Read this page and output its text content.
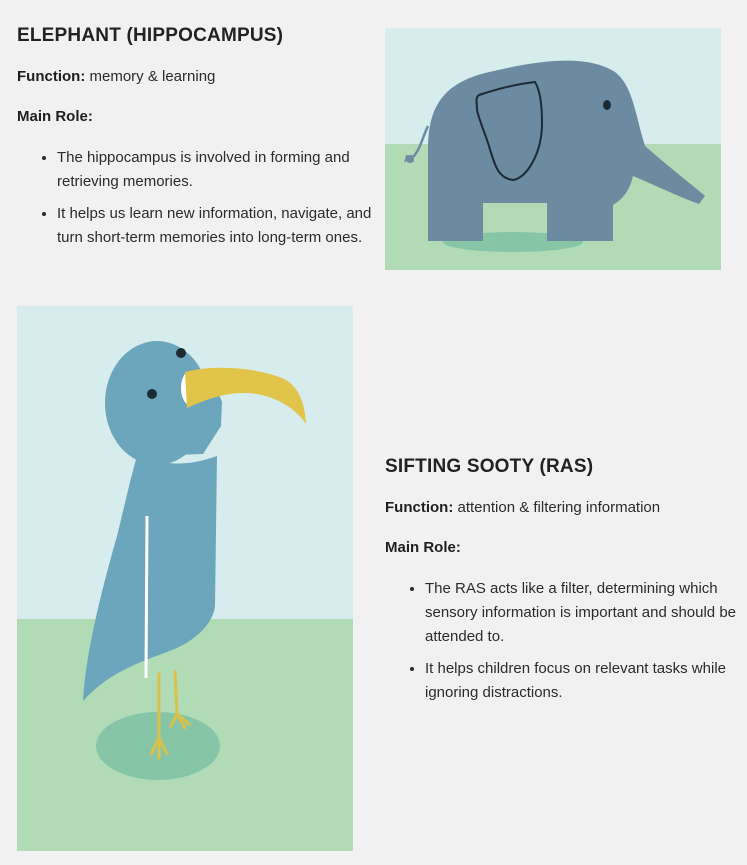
ELEPHANT (HIPPOCAMPUS)

Function: memory & learning

Main Role:

• The hippocampus is involved in forming and retrieving memories.
• It helps us learn new information, navigate, and turn short-term memories into long-term ones.
SIFTING SOOTY (RAS)

Function: attention & filtering information

Main Role:

• The RAS acts like a filter, determining which sensory information is important and should be attended to.
• It helps children focus on relevant tasks while ignoring distractions.
